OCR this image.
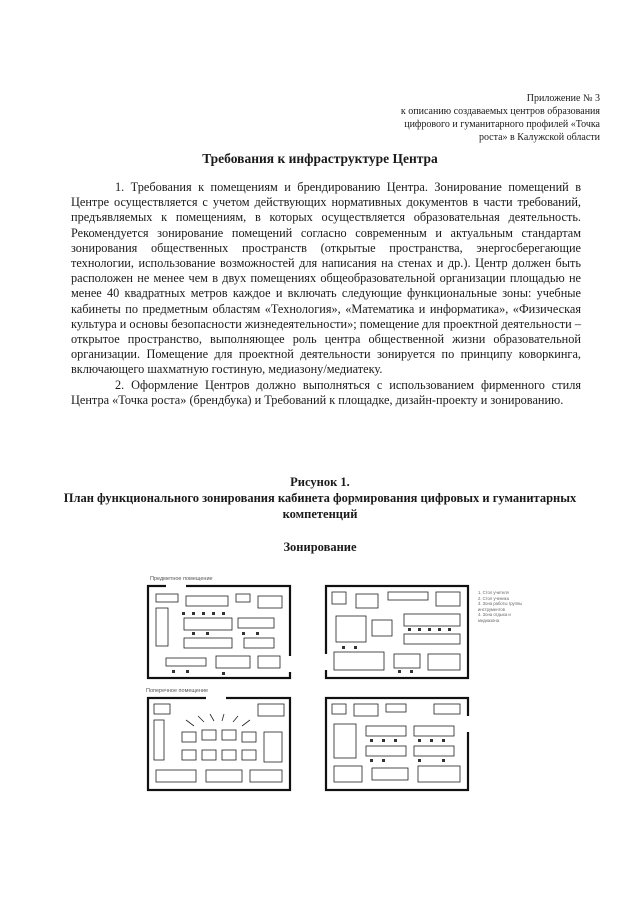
Приложение № 3
к описанию создаваемых центров образования
цифрового и гуманитарного профилей «Точка
роста» в Калужской области
Требования к инфраструктуре Центра

1. Требования к помещениям и брендированию Центра. Зонирование помещений в Центре осуществляется с учетом действующих нормативных документов в части требований, предъявляемых к помещениям, в которых осуществляется образовательная деятельность. Рекомендуется зонирование помещений согласно современным и актуальным стандартам зонирования общественных пространств (открытые пространства, энергосберегающие технологии, использование возможностей для написания на стенах и др.). Центр должен быть расположен не менее чем в двух помещениях общеобразовательной организации площадью не менее 40 квадратных метров каждое и включать следующие функциональные зоны: учебные кабинеты по предметным областям «Технология», «Математика и информатика», «Физическая культура и основы безопасности жизнедеятельности»; помещение для проектной деятельности – открытое пространство, выполняющее роль центра общественной жизни образовательной организации. Помещение для проектной деятельности зонируется по принципу коворкинга, включающего шахматную гостиную, медиазону/медиатеку.

2. Оформление Центров должно выполняться с использованием фирменного стиля Центра «Точка роста» (брендбука) и Требований к площадке, дизайн-проекту и зонированию.

Рисунок 1.
План функционального зонирования кабинета формирования цифровых и гуманитарных компетенций
Зонирование
Предметное помещение
Поперечное помещение
1. Стол учителя
2. Стол ученика
3. Зона работы группы
инструментов
4. Зона отдыха и
медиазона
